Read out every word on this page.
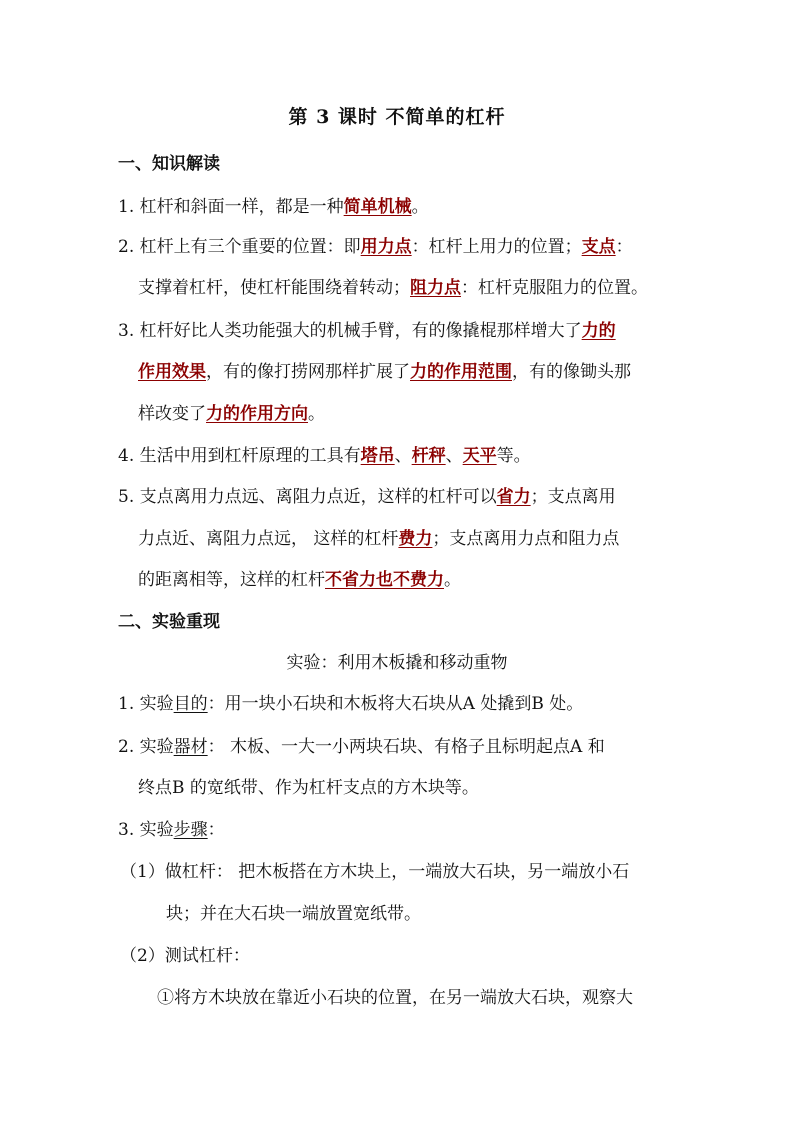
第 3 课时 不简单的杠杆
一、知识解读
1. 杠杆和斜面一样，都是一种简单机械。
2. 杠杆上有三个重要的位置：即用力点：杠杆上用力的位置；支点：
支撑着杠杆，使杠杆能围绕着转动；阻力点：杠杆克服阻力的位置。
3. 杠杆好比人类功能强大的机械手臂，有的像撬棍那样增大了力的
作用效果，有的像打捞网那样扩展了力的作用范围，有的像锄头那
样改变了力的作用方向。
4. 生活中用到杠杆原理的工具有塔吊、杆秤、天平等。
5. 支点离用力点远、离阻力点近，这样的杠杆可以省力；支点离用
力点近、离阻力点远， 这样的杠杆费力；支点离用力点和阻力点
的距离相等，这样的杠杆不省力也不费力。
二、实验重现
实验：利用木板撬和移动重物
1. 实验目的：用一块小石块和木板将大石块从A 处撬到B 处。
2. 实验器材： 木板、一大一小两块石块、有格子且标明起点A 和
终点B 的宽纸带、作为杠杆支点的方木块等。
3. 实验步骤：
（1）做杠杆： 把木板搭在方木块上，一端放大石块，另一端放小石
块；并在大石块一端放置宽纸带。
（2）测试杠杆：
①将方木块放在靠近小石块的位置，在另一端放大石块，观察大
